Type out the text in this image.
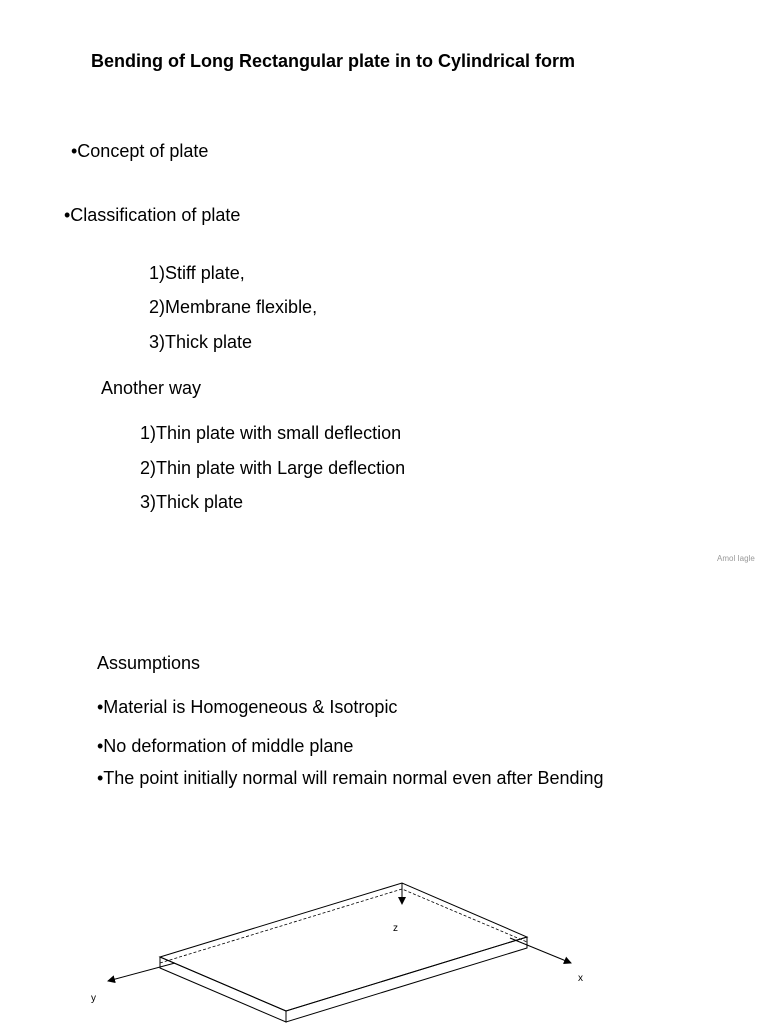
Bending of Long Rectangular plate in to Cylindrical form
•Concept of plate
•Classification of plate
1)Stiff plate,
2)Membrane flexible,
3)Thick plate
Another way
1)Thin plate with small deflection
2)Thin plate with Large deflection
3)Thick plate
Amol Iagle
Assumptions
•Material is Homogeneous & Isotropic
•No deformation of middle plane
•The point initially normal will remain normal even after Bending
z
x
y
